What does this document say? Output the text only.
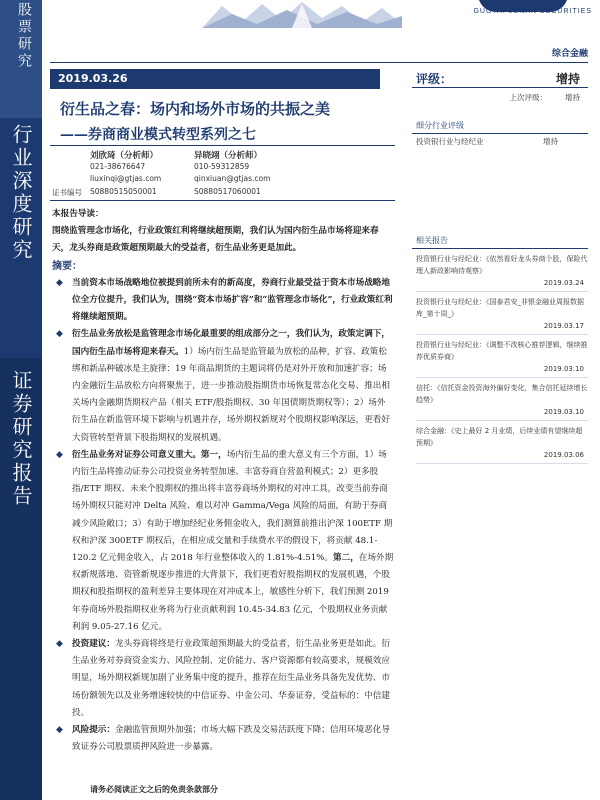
股票研究
行业深度研究
证券研究报告
GUOTAI JUNAN SECURITIES
综合金融
2019.03.26
衍生品之春：场内和场外市场的共振之美
——券商商业模式转型系列之七
刘欣琦（分析师）	异晓翊（分析师）
021-38676647	010-59312859
liuxinqi@gtjas.com	qinxiuan@gtjas.com
证书编号	S0880515050001	S0880517060001
本报告导读：
围绕监管理念市场化，行业政策红利将继续超预期，我们认为国内衍生品市场将迎来春天，龙头券商是政策超预期最大的受益者，衍生品业务更是加此。
摘要：
◆ 当前资本市场战略地位被提到前所未有的新高度，券商行业最受益于资本市场战略地位全方位提升，我们认为，围绕“资本市场扩容”和“监管理念市场化”，行业政策红利将继续超预期。
◆ 衍生品业务放松是监管理念市场化最重要的组成部分之一，我们认为，政策定调下，国内衍生品市场将迎来春天。1）场内衍生品是监管最为放松的品种，扩容、政策松绑和新品种破冰是主旋律：19 年商品期货的主题词将仍是对外开放和加速扩容；场内金融衍生品放松方向将聚焦于，进一步推动股指期货市场恢复常态化交易、推出相关场内金融期货期权产品（相关 ETF/股指期权、30 年国债期货期权等）；2）场外衍生品在新监管环境下影响与机遇并存，场外期权新规对个股期权影响深远，更看好大资管转型背景下股指期权的发展机遇。
◆ 衍生品业务对证券公司意义重大。第一，场内衍生品的重大意义有三个方面，1）场内衍生品将推动证券公司投资业务转型加速、丰富券商自营盈利模式；2）更多股指/ETF 期权、未来个股期权的推出将丰富券商场外期权的对冲工具，改变当前券商场外期权只能对冲 Delta 风险、难以对冲 Gamma/Vega 风险的局面，有助于券商减少风险敞口；3）有助于增加经纪业务佣金收入，我们测算前推出沪深 100ETF 期权和沪深 300ETF 期权后，在相应成交量和手续费水平的假设下，将贡献 48.1-120.2 亿元佣金收入，占 2018 年行业整体收入的 1.81%-4.51%。第二，在场外期权新规落地、资管新规逐步推进的大背景下，我们更看好股指期权的发展机遇，个股期权和股指期权的盈利差异主要体现在对冲成本上，敏感性分析下，我们预测 2019 年券商场外股指期权业务将为行业贡献利润 10.45-34.83 亿元，个股期权业务贡献利润 9.05-27.16 亿元。
◆ 投资建议：龙头券商将终是行业政策超预期最大的受益者，衍生品业务更是如此。衍生品业务对券商资金实力、风险控制、定价能力、客户资源都有较高要求，规模效应明显，场外期权新规加剧了业务集中度的提升，推荐在衍生品业务具备先发优势、市场份额领先以及业务增速较快的中信证券、中金公司、华泰证券，受益标的：中信建投。
◆ 风险提示：金融监管预期外加强；市场大幅下跌及交易活跃度下降；信用环境恶化导致证券公司股票质押风险进一步暴露。
请务必阅读正文之后的免责条款部分
评级：	增持
上次评级： 增持
细分行业评级
投资银行业与经纪业	增持
相关报告
投资银行业与经纪业：《依然看好龙头券商个股，保险代理人新政影响待观察》
2019.03.24
投资银行业与经纪业：《国泰君安_非银金融业周报数据库_第十周_》
2019.03.17
投资银行业与经纪业：《调整不改核心推荐逻辑，继续推荐优质券商》
2019.03.10
信托：《信托资金投资海外偏好变化，集合信托延续增长趋势》
2019.03.10
综合金融：《史上最好 2 月业绩，后续业绩有望继续超预期》
2019.03.06
